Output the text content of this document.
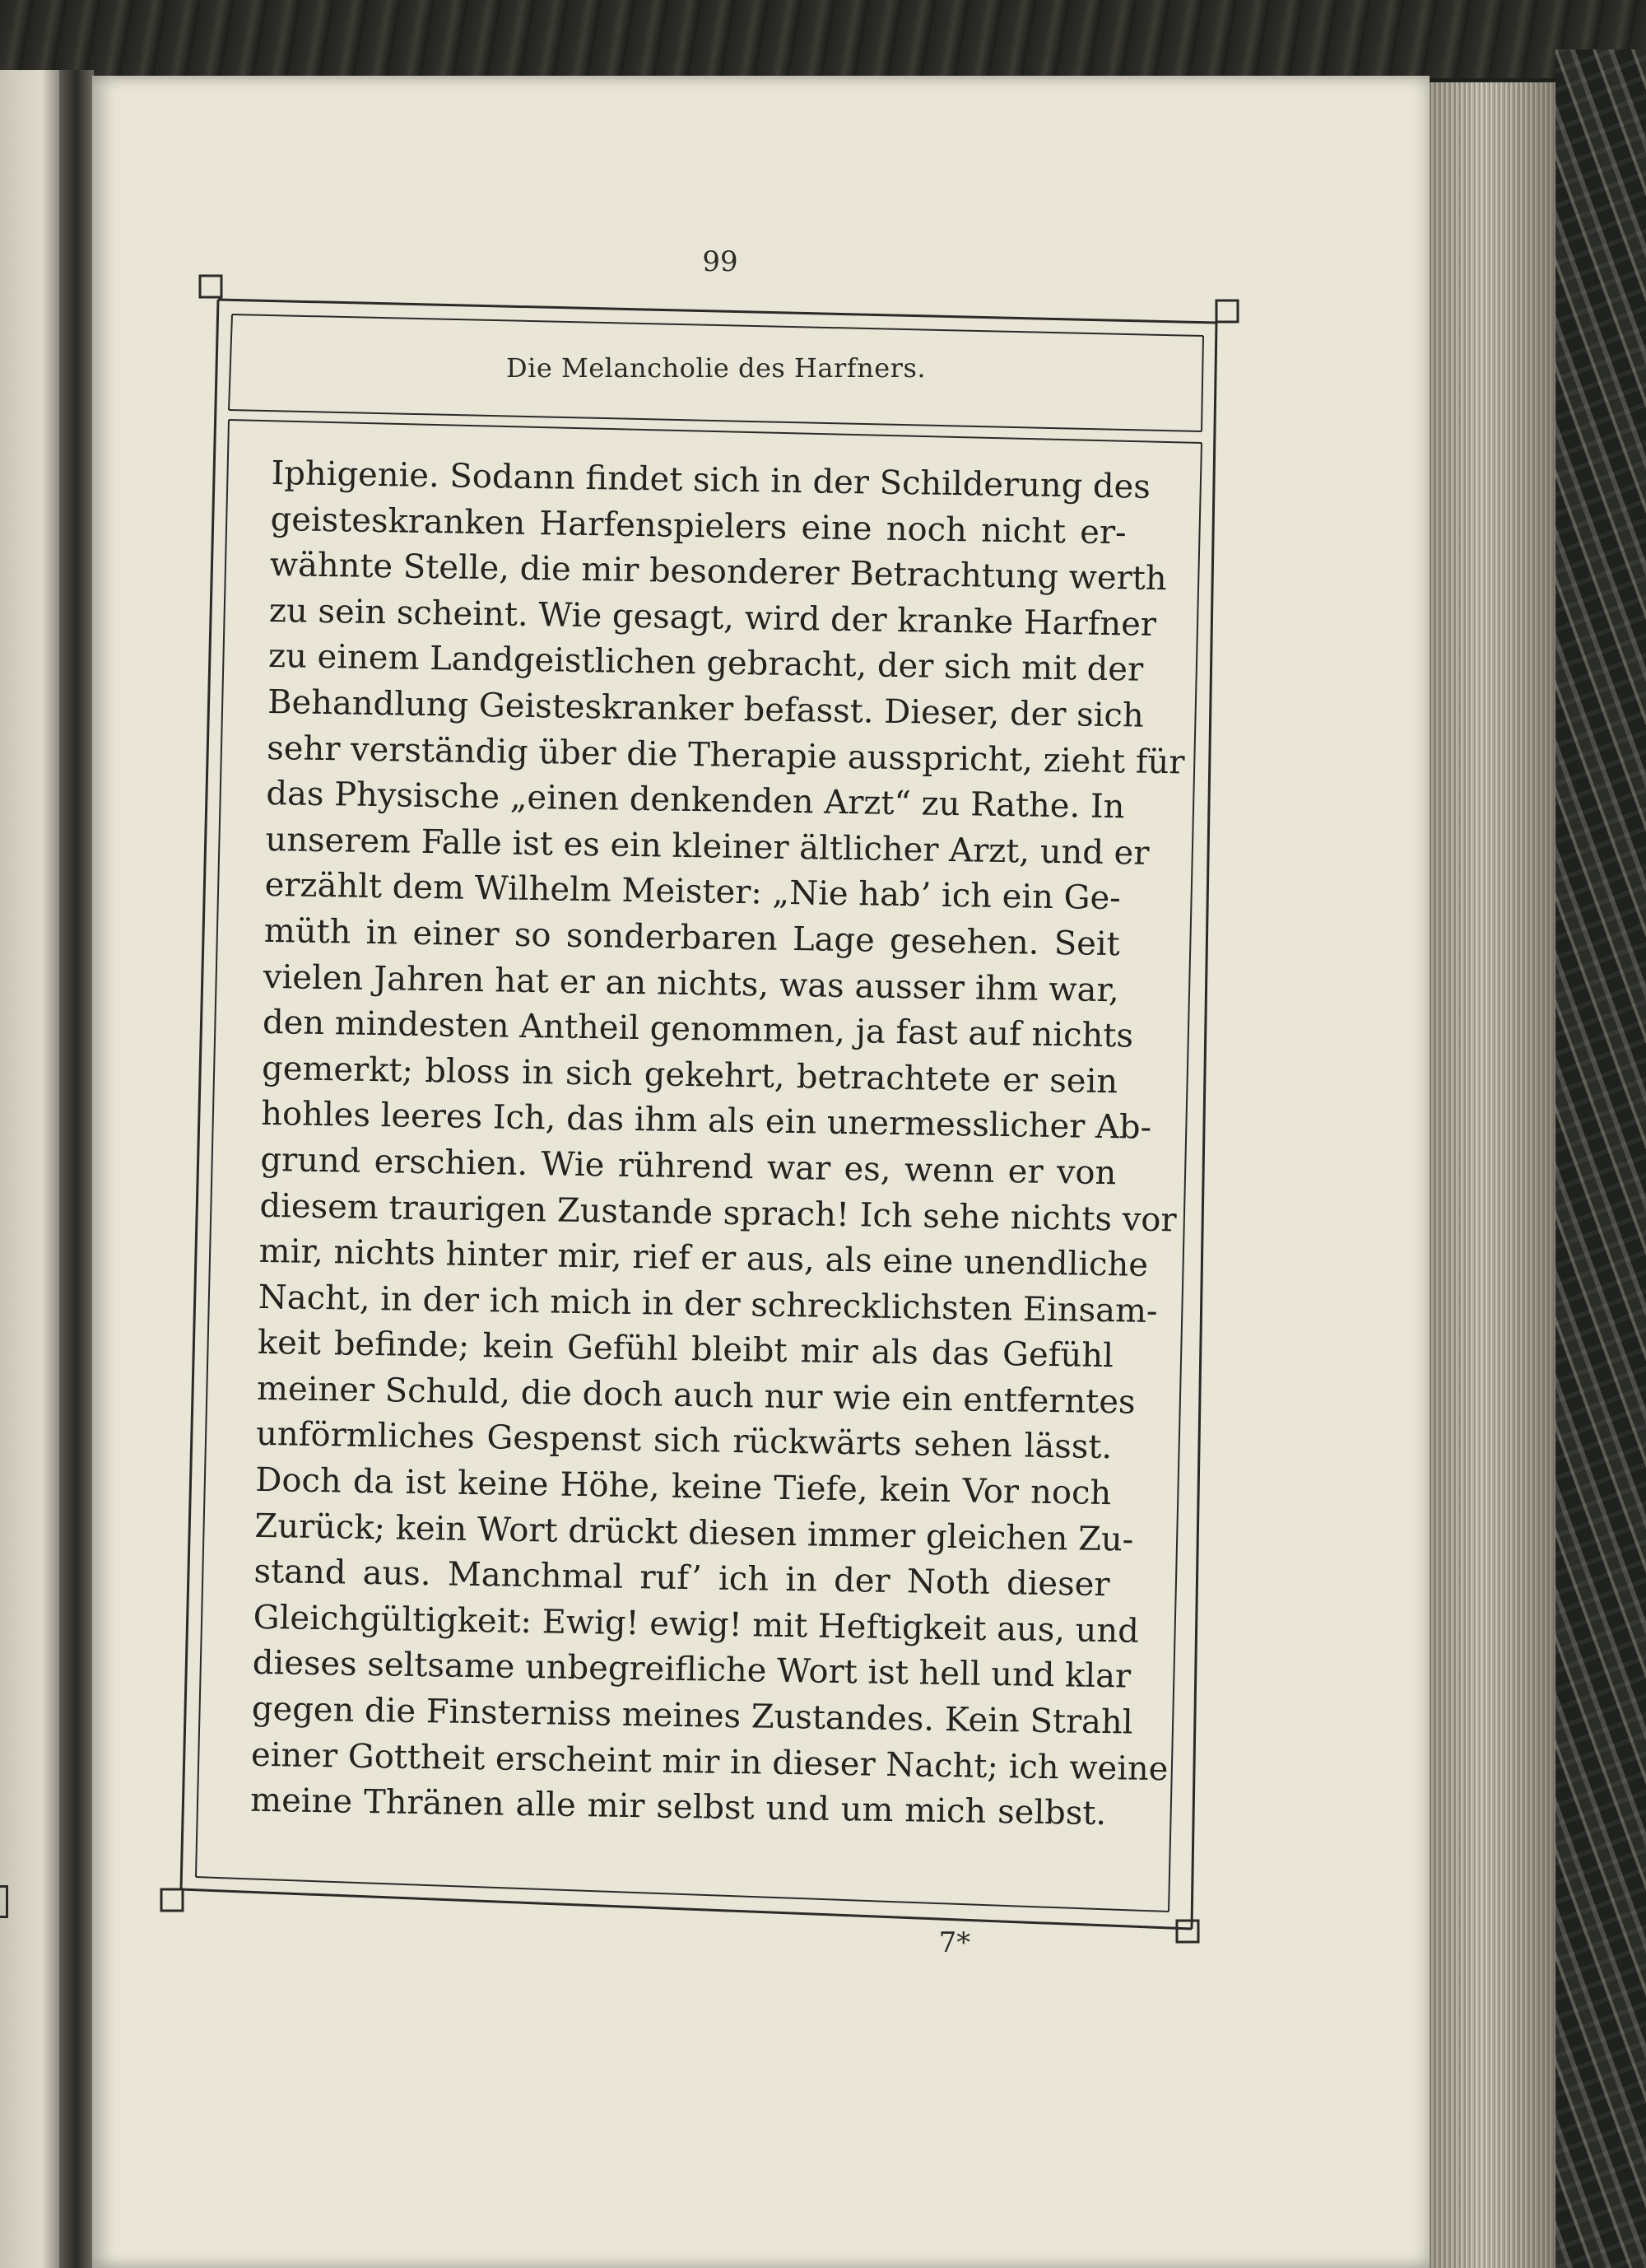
99
Die Melancholie des Harfners.
Iphigenie. Sodann findet sich in der Schilderung des
geisteskranken Harfenspielers eine noch nicht er-
wähnte Stelle, die mir besonderer Betrachtung werth
zu sein scheint. Wie gesagt, wird der kranke Harfner
zu einem Landgeistlichen gebracht, der sich mit der
Behandlung Geisteskranker befasst. Dieser, der sich
sehr verständig über die Therapie ausspricht, zieht für
das Physische „einen denkenden Arzt“ zu Rathe. In
unserem Falle ist es ein kleiner ältlicher Arzt, und er
erzählt dem Wilhelm Meister: „Nie hab’ ich ein Ge-
müth in einer so sonderbaren Lage gesehen. Seit
vielen Jahren hat er an nichts, was ausser ihm war,
den mindesten Antheil genommen, ja fast auf nichts
gemerkt; bloss in sich gekehrt, betrachtete er sein
hohles leeres Ich, das ihm als ein unermesslicher Ab-
grund erschien. Wie rührend war es, wenn er von
diesem traurigen Zustande sprach! Ich sehe nichts vor
mir, nichts hinter mir, rief er aus, als eine unendliche
Nacht, in der ich mich in der schrecklichsten Einsam-
keit befinde; kein Gefühl bleibt mir als das Gefühl
meiner Schuld, die doch auch nur wie ein entferntes
unförmliches Gespenst sich rückwärts sehen lässt.
Doch da ist keine Höhe, keine Tiefe, kein Vor noch
Zurück; kein Wort drückt diesen immer gleichen Zu-
stand aus. Manchmal ruf’ ich in der Noth dieser
Gleichgültigkeit: Ewig! ewig! mit Heftigkeit aus, und
dieses seltsame unbegreifliche Wort ist hell und klar
gegen die Finsterniss meines Zustandes. Kein Strahl
einer Gottheit erscheint mir in dieser Nacht; ich weine
meine Thränen alle mir selbst und um mich selbst.
7*
